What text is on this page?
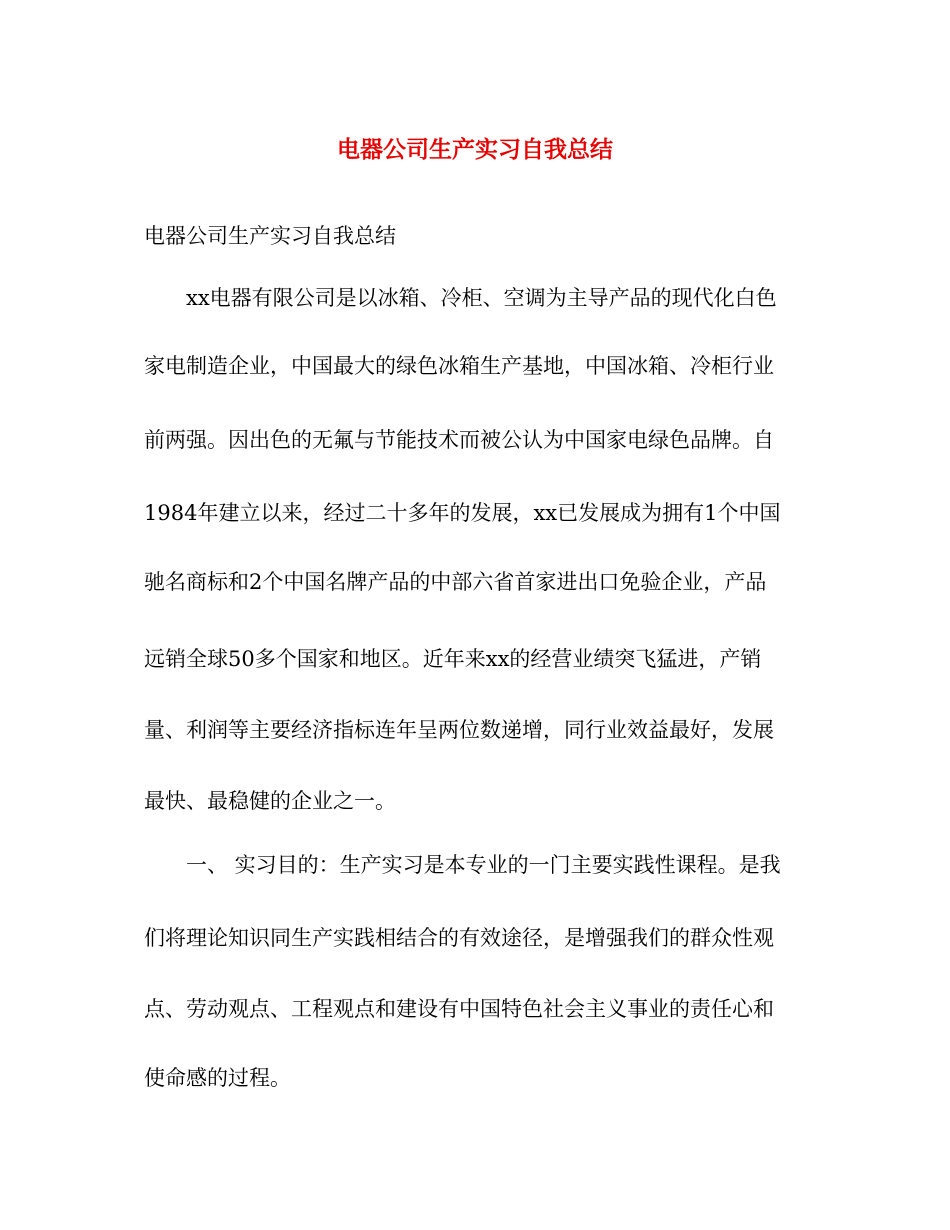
电器公司生产实习自我总结
电器公司生产实习自我总结
xx电器有限公司是以冰箱、冷柜、空调为主导产品的现代化白色
家电制造企业，中国最大的绿色冰箱生产基地，中国冰箱、冷柜行业
前两强。因出色的无氟与节能技术而被公认为中国家电绿色品牌。自
1984年建立以来，经过二十多年的发展，xx已发展成为拥有1个中国
驰名商标和2个中国名牌产品的中部六省首家进出口免验企业，产品
远销全球50多个国家和地区。近年来xx的经营业绩突飞猛进，产销
量、利润等主要经济指标连年呈两位数递增，同行业效益最好，发展
最快、最稳健的企业之一。
一、 实习目的：生产实习是本专业的一门主要实践性课程。是我
们将理论知识同生产实践相结合的有效途径，是增强我们的群众性观
点、劳动观点、工程观点和建设有中国特色社会主义事业的责任心和
使命感的过程。
